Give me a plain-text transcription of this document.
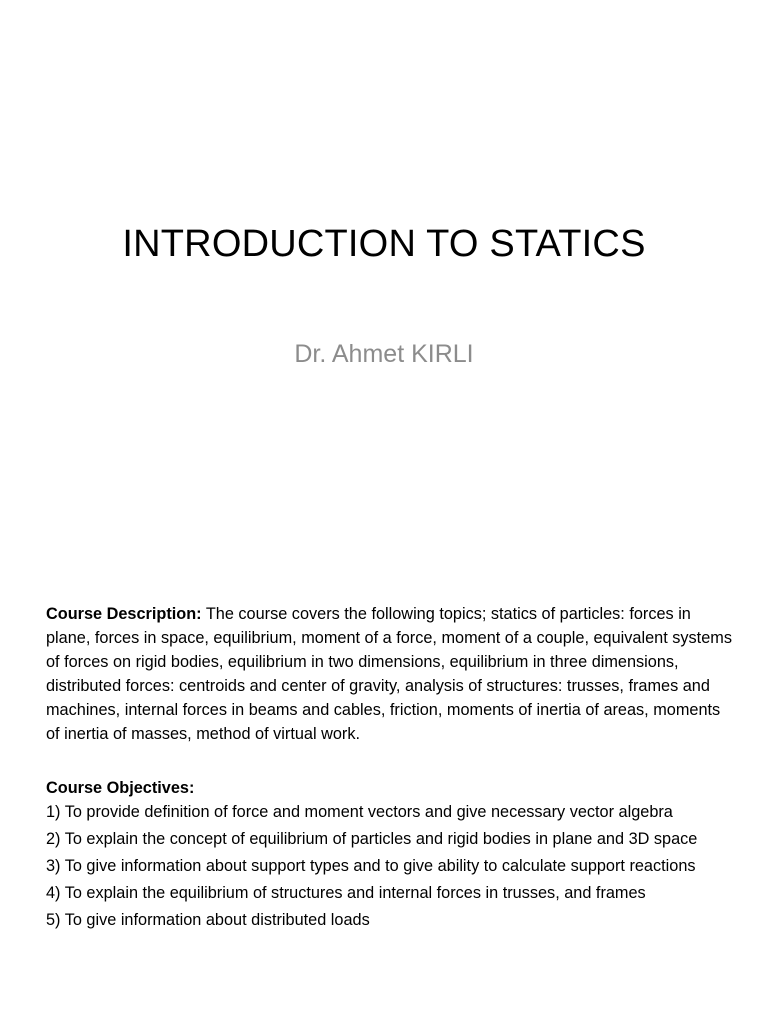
INTRODUCTION TO STATICS
Dr. Ahmet KIRLI

Course Description: The course covers the following topics; statics of particles: forces in plane, forces in space, equilibrium, moment of a force, moment of a couple, equivalent systems of forces on rigid bodies, equilibrium in two dimensions, equilibrium in three dimensions, distributed forces: centroids and center of gravity, analysis of structures: trusses, frames and machines, internal forces in beams and cables, friction, moments of inertia of areas, moments of inertia of masses, method of virtual work.

Course Objectives:

1) To provide definition of force and moment vectors and give necessary vector algebra

2) To explain the concept of equilibrium of particles and rigid bodies in plane and 3D space

3) To give information about support types and to give ability to calculate support reactions

4) To explain the equilibrium of structures and internal forces in trusses, and frames

5) To give information about distributed loads
